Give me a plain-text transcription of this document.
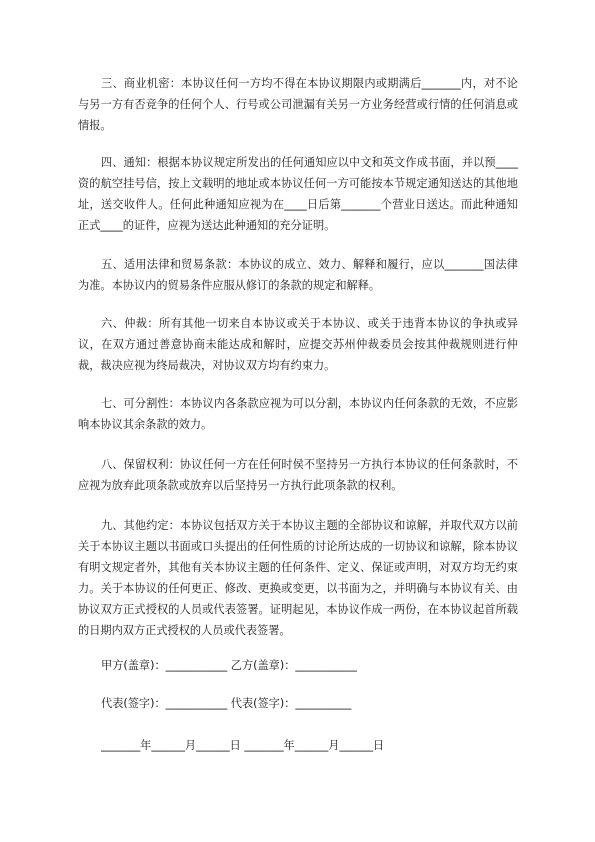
三、商业机密：本协议任何一方均不得在本协议期限内或期满后_______内，对不论与另一方有否竞争的任何个人、行号或公司泄漏有关另一方业务经营或行情的任何消息或情报。

四、通知：根据本协议规定所发出的任何通知应以中文和英文作成书面，并以预____资的航空挂号信，按上文载明的地址或本协议任何一方可能按本节规定通知送达的其他地址，送交收件人。任何此种通知应视为在____日后第_______个营业日送达。而此种通知正式____的证件，应视为送达此种通知的充分证明。

五、适用法律和贸易条款：本协议的成立、效力、解释和履行，应以_______国法律为准。本协议内的贸易条件应服从修订的条款的规定和解释。

六、仲裁：所有其他一切来自本协议或关于本协议、或关于违背本协议的争执或异议，在双方通过善意协商未能达成和解时，应提交苏州仲裁委员会按其仲裁规则进行仲裁，裁决应视为终局裁决，对协议双方均有约束力。

七、可分割性：本协议内各条款应视为可以分割，本协议内任何条款的无效，不应影响本协议其余条款的效力。

八、保留权利：协议任何一方在任何时侯不坚持另一方执行本协议的任何条款时，不应视为放弃此项条款或放弃以后坚持另一方执行此项条款的权利。

九、其他约定：本协议包括双方关于本协议主题的全部协议和谅解，并取代双方以前关于本协议主题以书面或口头提出的任何性质的讨论所达成的一切协议和谅解，除本协议有明文规定者外，其他有关本协议主题的任何条件、定义、保证或声明，对双方均无约束力。关于本协议的任何更正、修改、更换或变更，以书面为之，并明确与本协议有关、由协议双方正式授权的人员或代表签署。证明起见，本协议作成一两份，在本协议起首所载的日期内双方正式授权的人员或代表签署。

甲方(盖章)：___________ 乙方(盖章)：___________

代表(签字)：___________ 代表(签字)：__________

_______年______月______日 _______年______月______日
